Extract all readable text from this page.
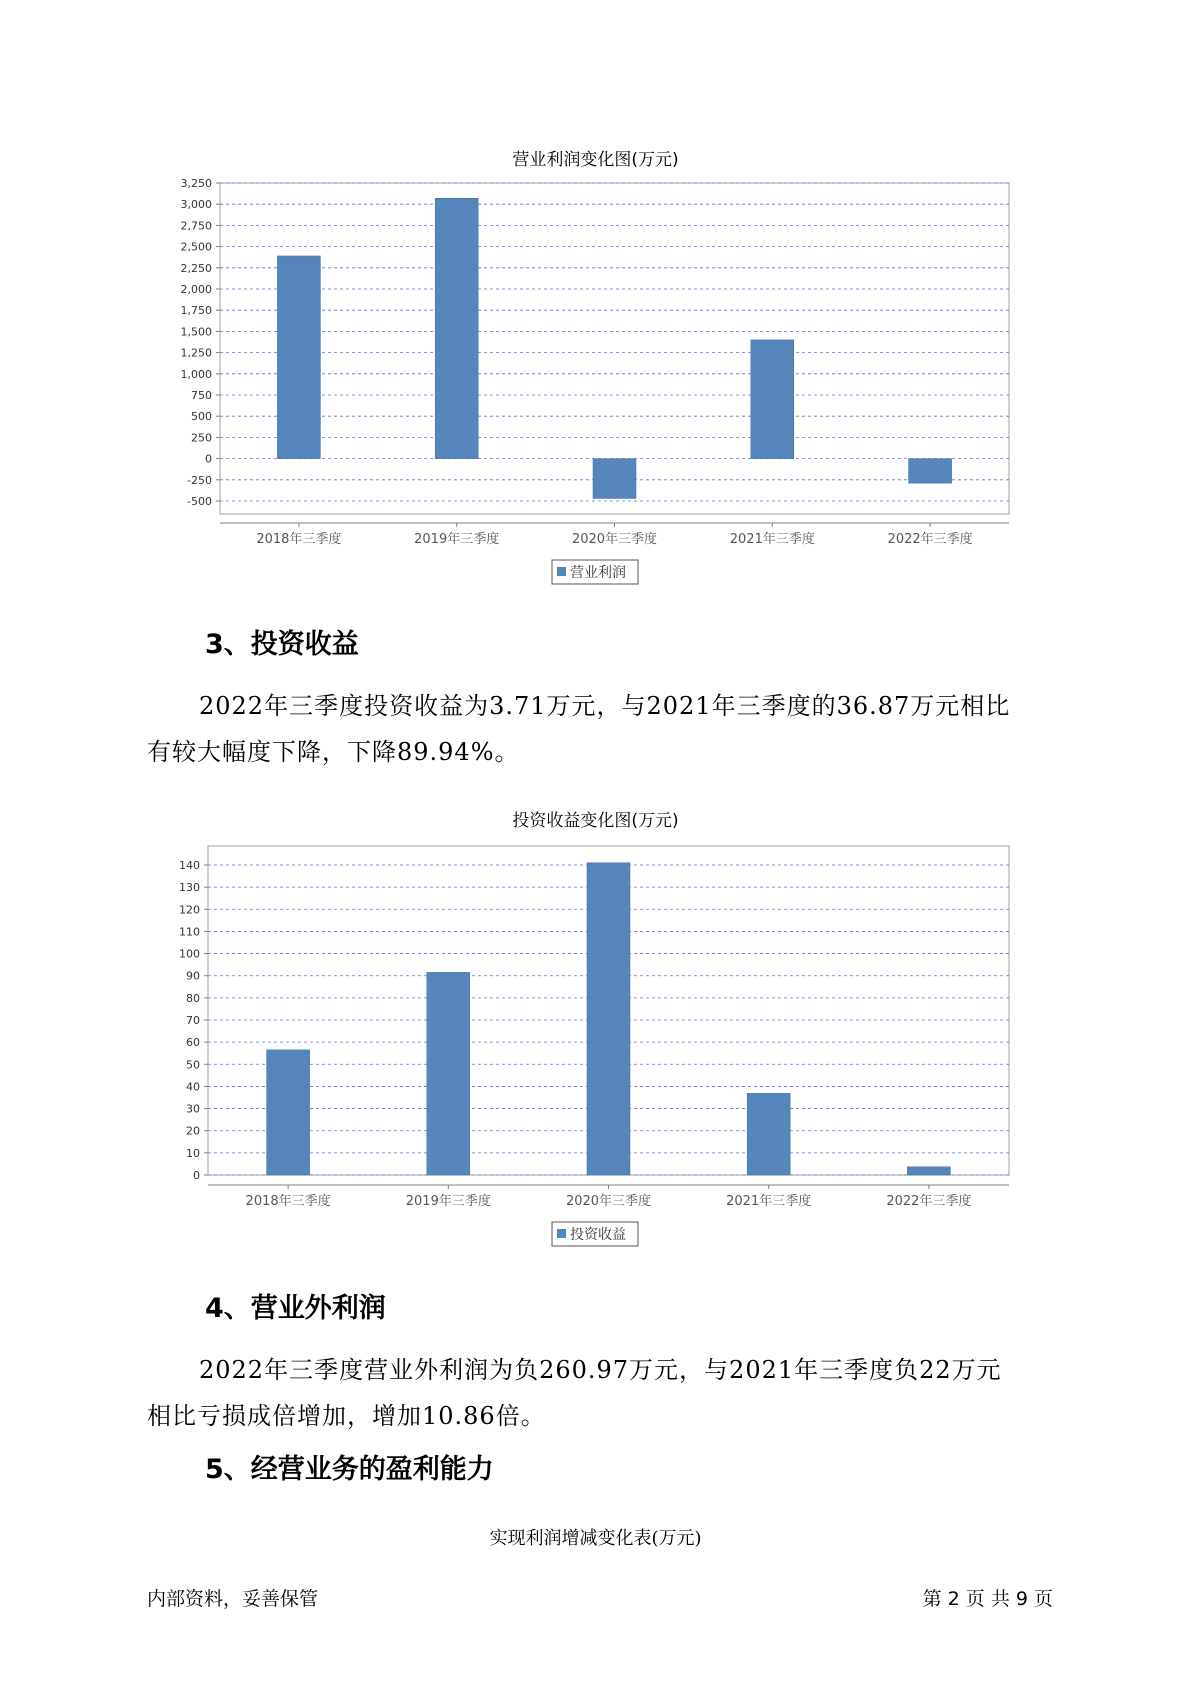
营业利润变化图(万元)
3,250
3,000
2,750
2,500
2,250
2,000
1,750
1,500
1,250
1,000
750
500
250
0
-250
-500
2018年三季度	2019年三季度	2020年三季度	2021年三季度	2022年三季度
营业利润
3、投资收益

2022年三季度投资收益为3.71万元，与2021年三季度的36.87万元相比

有较大幅度下降，下降89.94%。
投资收益变化图(万元)
140
130
120
110
100
90
80
70
60
50
40
30
20
10
0
2018年三季度	2019年三季度	2020年三季度	2021年三季度	2022年三季度
投资收益
4、营业外利润

2022年三季度营业外利润为负260.97万元，与2021年三季度负22万元

相比亏损成倍增加，增加10.86倍。
5、经营业务的盈利能力
实现利润增减变化表(万元)
内部资料，妥善保管	第 2 页 共 9 页
